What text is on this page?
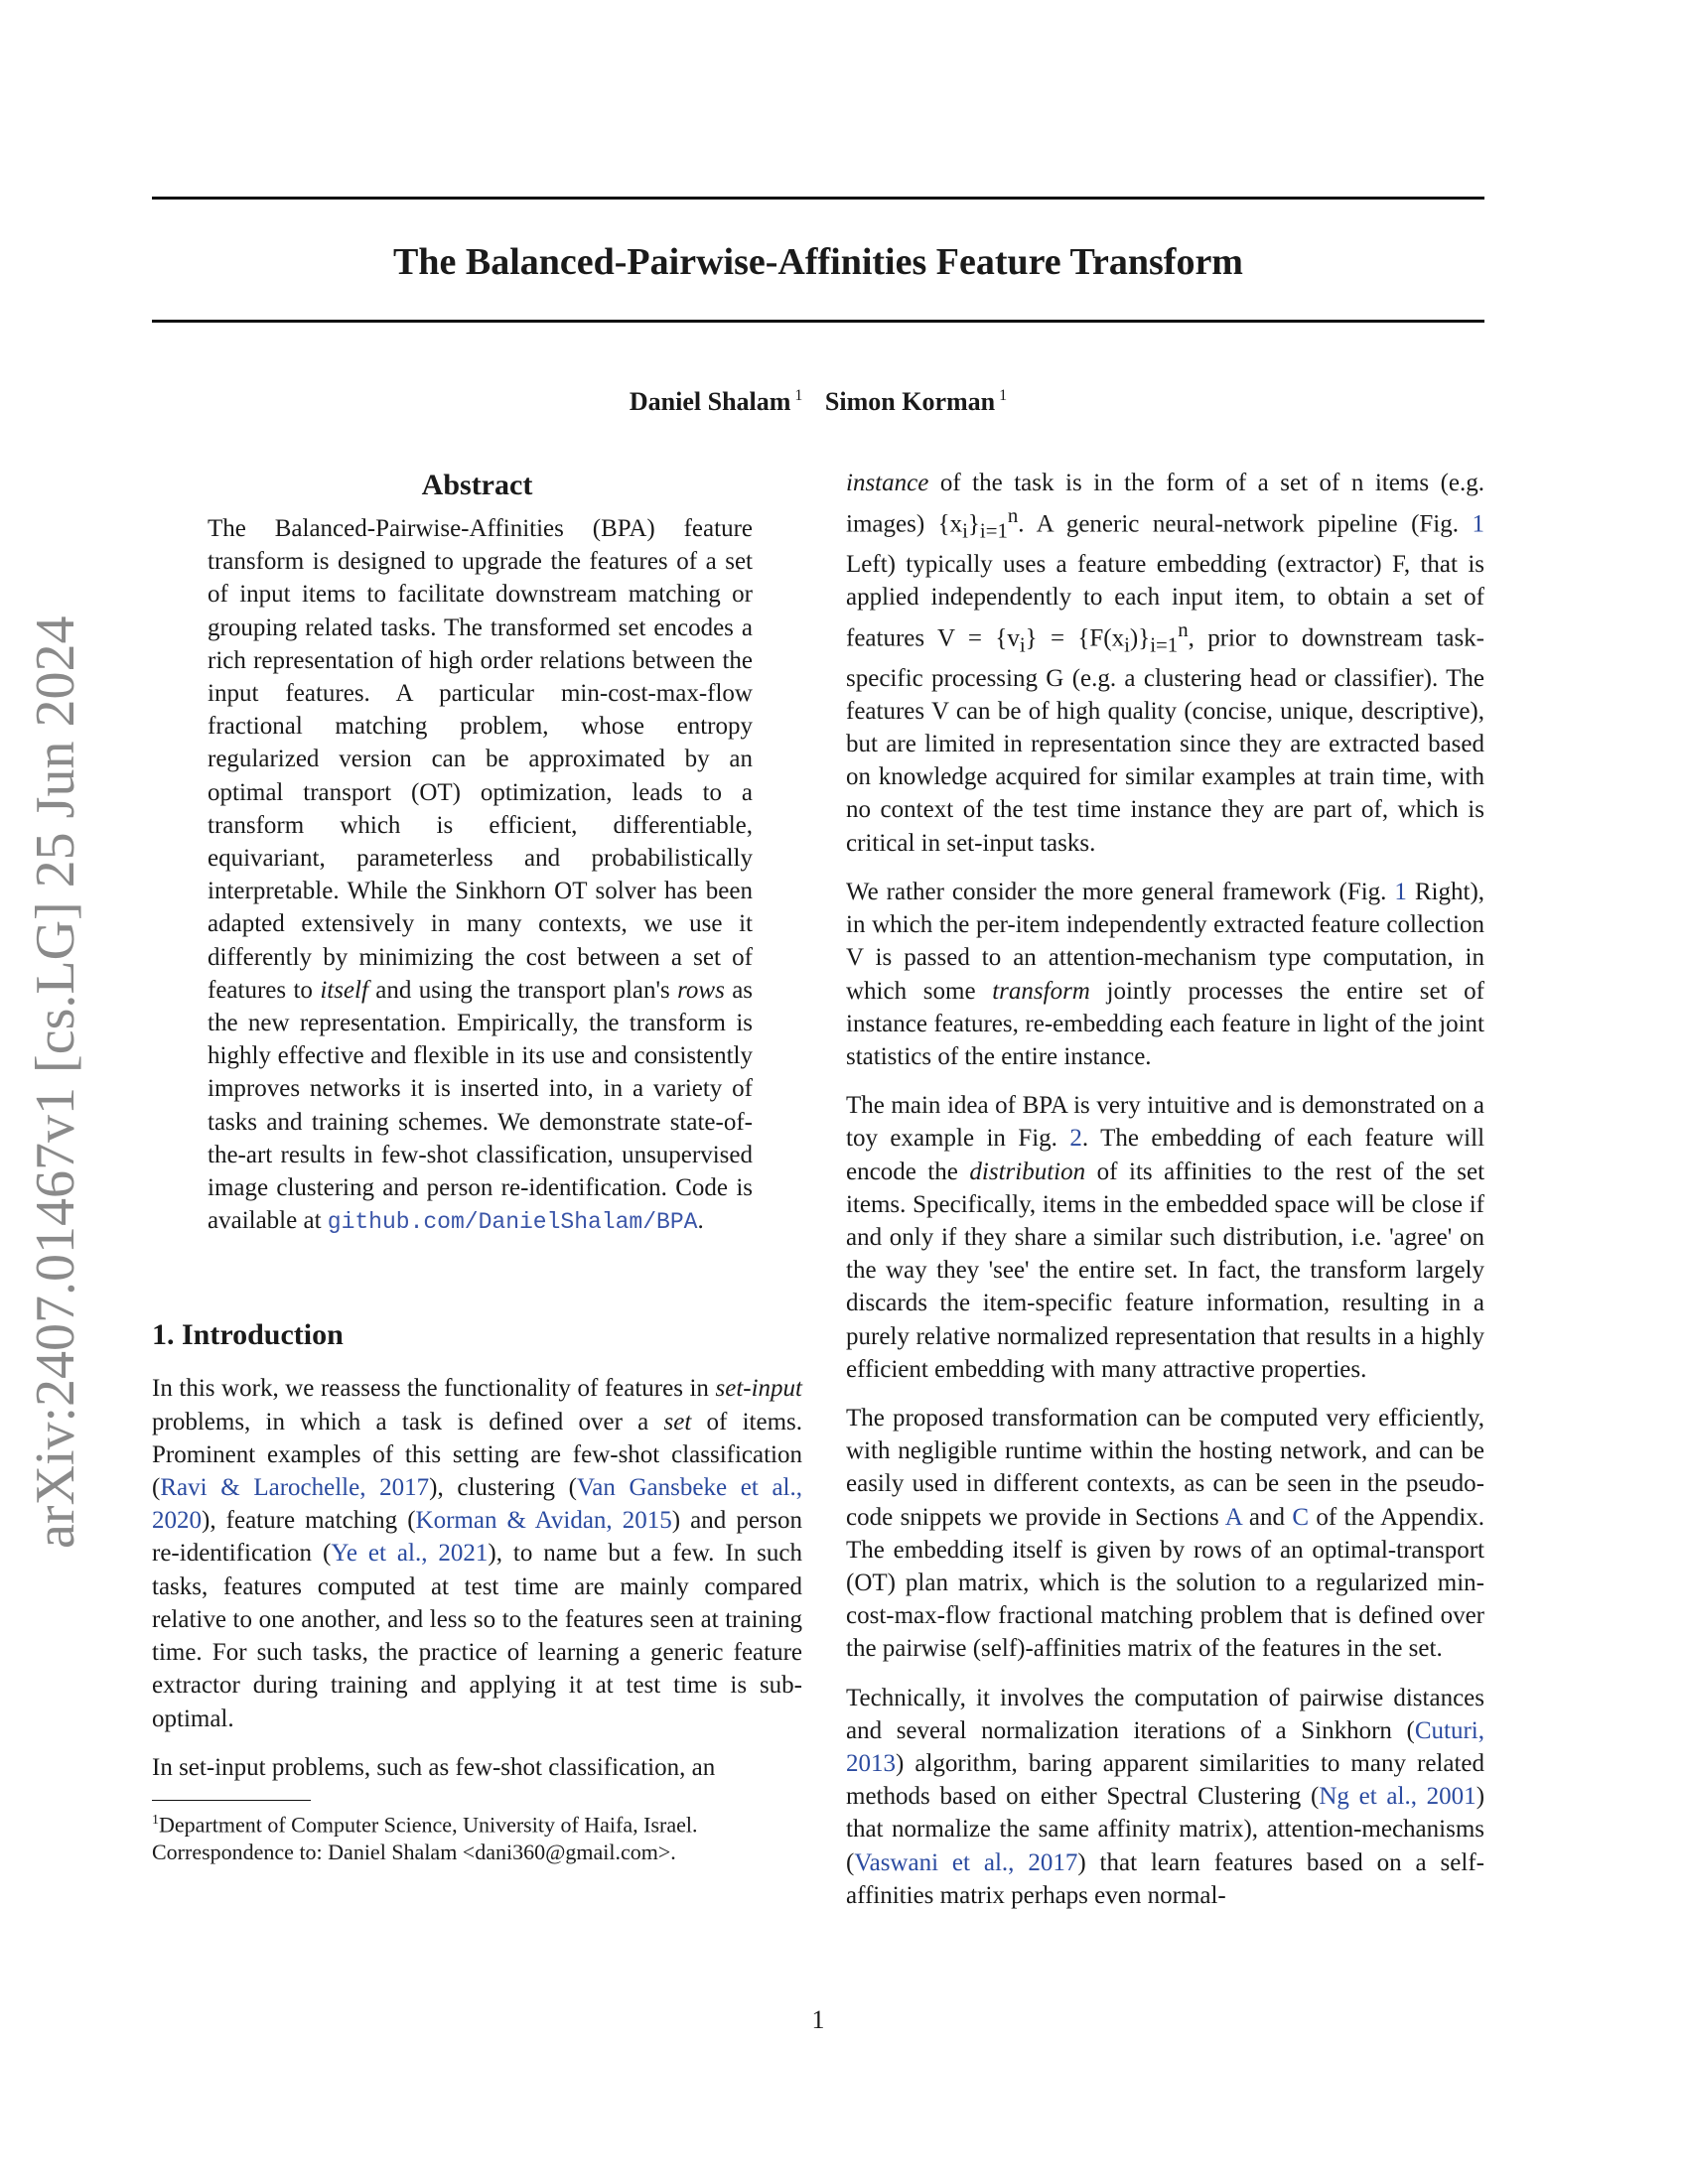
The Balanced-Pairwise-Affinities Feature Transform
Daniel Shalam $^1$ Simon Korman $^1$
arXiv:2407.01467v1 [cs.LG] 25 Jun 2024
Abstract
The Balanced-Pairwise-Affinities (BPA) feature transform is designed to upgrade the features of a set of input items to facilitate downstream matching or grouping related tasks. The transformed set encodes a rich representation of high order relations between the input features. A particular min-cost-max-flow fractional matching problem, whose entropy regularized version can be approximated by an optimal transport (OT) optimization, leads to a transform which is efficient, differentiable, equivariant, parameterless and probabilistically interpretable. While the Sinkhorn OT solver has been adapted extensively in many contexts, we use it differently by minimizing the cost between a set of features to itself and using the transport plan's rows as the new representation. Empirically, the transform is highly effective and flexible in its use and consistently improves networks it is inserted into, in a variety of tasks and training schemes. We demonstrate state-of-the-art results in few-shot classification, unsupervised image clustering and person re-identification. Code is available at github.com/DanielShalam/BPA.
1. Introduction

In this work, we reassess the functionality of features in set-input problems, in which a task is defined over a set of items. Prominent examples of this setting are few-shot classification (Ravi & Larochelle, 2017), clustering (Van Gansbeke et al., 2020), feature matching (Korman & Avidan, 2015) and person re-identification (Ye et al., 2021), to name but a few. In such tasks, features computed at test time are mainly compared relative to one another, and less so to the features seen at training time. For such tasks, the practice of learning a generic feature extractor during training and applying it at test time is sub-optimal.

In set-input problems, such as few-shot classification, an

$^1$Department of Computer Science, University of Haifa, Israel.
Correspondence to: Daniel Shalam <dani360@gmail.com>.

instance of the task is in the form of a set of n items (e.g. images) $\{x_i\}_{i=1}^n$. A generic neural-network pipeline (Fig. 1 Left) typically uses a feature embedding (extractor) F, that is applied independently to each input item, to obtain a set of features $V = \{v_i\} = \{F(x_i)\}_{i=1}^n$, prior to downstream task-specific processing G (e.g. a clustering head or classifier). The features V can be of high quality (concise, unique, descriptive), but are limited in representation since they are extracted based on knowledge acquired for similar examples at train time, with no context of the test time instance they are part of, which is critical in set-input tasks.

We rather consider the more general framework (Fig. 1 Right), in which the per-item independently extracted feature collection V is passed to an attention-mechanism type computation, in which some transform jointly processes the entire set of instance features, re-embedding each feature in light of the joint statistics of the entire instance.

The main idea of BPA is very intuitive and is demonstrated on a toy example in Fig. 2. The embedding of each feature will encode the distribution of its affinities to the rest of the set items. Specifically, items in the embedded space will be close if and only if they share a similar such distribution, i.e. 'agree' on the way they 'see' the entire set. In fact, the transform largely discards the item-specific feature information, resulting in a purely relative normalized representation that results in a highly efficient embedding with many attractive properties.

The proposed transformation can be computed very efficiently, with negligible runtime within the hosting network, and can be easily used in different contexts, as can be seen in the pseudo-code snippets we provide in Sections A and C of the Appendix. The embedding itself is given by rows of an optimal-transport (OT) plan matrix, which is the solution to a regularized min-cost-max-flow fractional matching problem that is defined over the pairwise (self)-affinities matrix of the features in the set.

Technically, it involves the computation of pairwise distances and several normalization iterations of a Sinkhorn (Cuturi, 2013) algorithm, baring apparent similarities to many related methods based on either Spectral Clustering (Ng et al., 2001) that normalize the same affinity matrix), attention-mechanisms (Vaswani et al., 2017) that learn features based on a self-affinities matrix perhaps even normal-

1
